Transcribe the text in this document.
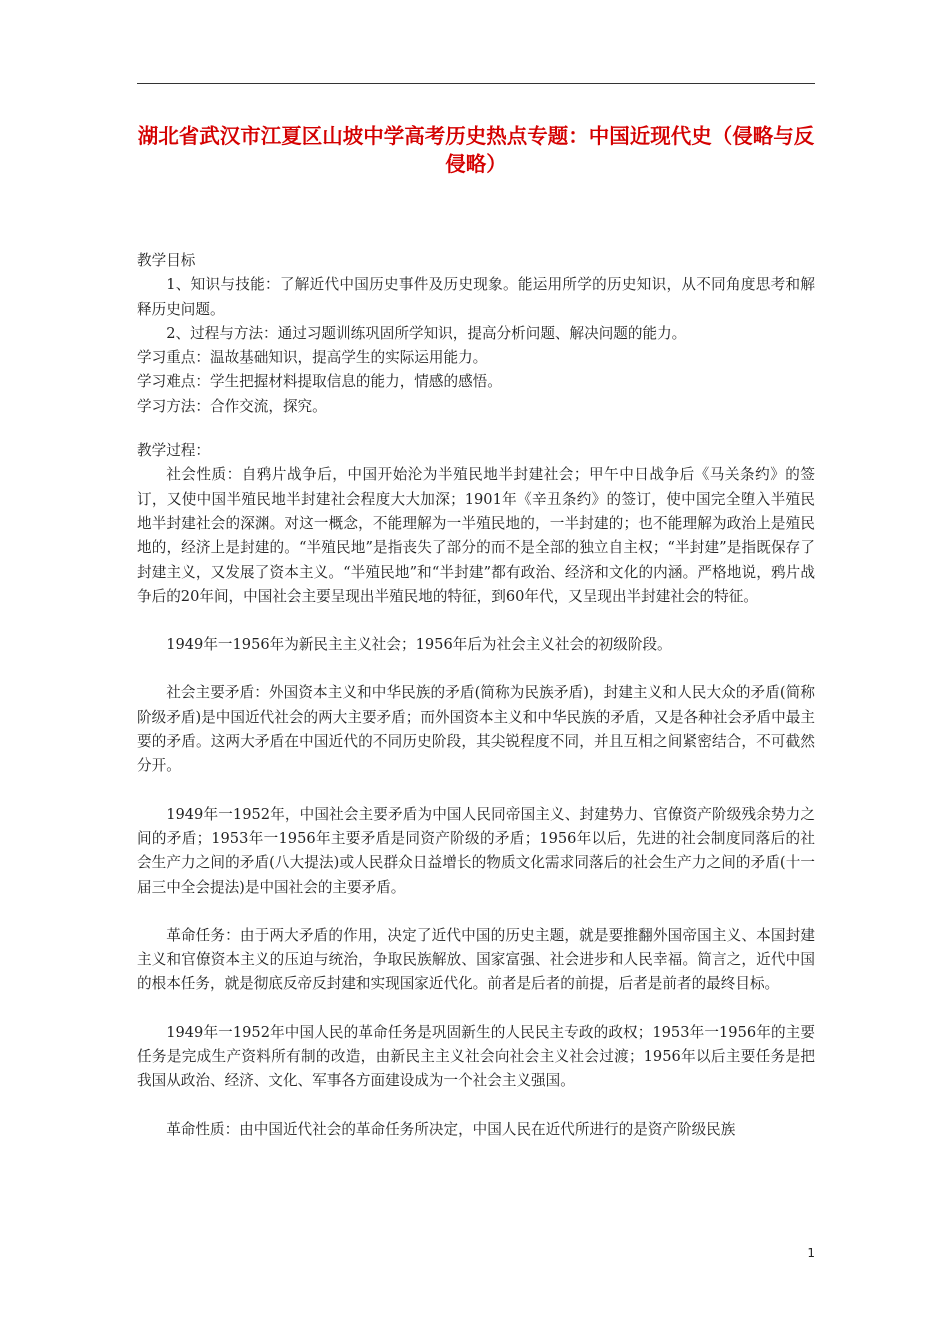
湖北省武汉市江夏区山坡中学高考历史热点专题：中国近现代史（侵略与反侵略）

教学目标

1、知识与技能：了解近代中国历史事件及历史现象。能运用所学的历史知识，从不同角度思考和解释历史问题。

2、过程与方法：通过习题训练巩固所学知识，提高分析问题、解决问题的能力。

学习重点：温故基础知识，提高学生的实际运用能力。

学习难点：学生把握材料提取信息的能力，情感的感悟。

学习方法：合作交流，探究。

教学过程：

社会性质：自鸦片战争后，中国开始沦为半殖民地半封建社会；甲午中日战争后《马关条约》的签订，又使中国半殖民地半封建社会程度大大加深；1901年《辛丑条约》的签订，使中国完全堕入半殖民地半封建社会的深渊。对这一概念，不能理解为一半殖民地的，一半封建的；也不能理解为政治上是殖民地的，经济上是封建的。“半殖民地”是指丧失了部分的而不是全部的独立自主权；“半封建”是指既保存了封建主义，又发展了资本主义。“半殖民地”和“半封建”都有政治、经济和文化的内涵。严格地说，鸦片战争后的20年间，中国社会主要呈现出半殖民地的特征，到60年代，又呈现出半封建社会的特征。

1949年一1956年为新民主主义社会；1956年后为社会主义社会的初级阶段。

社会主要矛盾：外国资本主义和中华民族的矛盾(简称为民族矛盾)，封建主义和人民大众的矛盾(简称阶级矛盾)是中国近代社会的两大主要矛盾；而外国资本主义和中华民族的矛盾，又是各种社会矛盾中最主要的矛盾。这两大矛盾在中国近代的不同历史阶段，其尖锐程度不同，并且互相之间紧密结合，不可截然分开。

1949年一1952年，中国社会主要矛盾为中国人民同帝国主义、封建势力、官僚资产阶级残余势力之间的矛盾；1953年一1956年主要矛盾是同资产阶级的矛盾；1956年以后，先进的社会制度同落后的社会生产力之间的矛盾(八大提法)或人民群众日益增长的物质文化需求同落后的社会生产力之间的矛盾(十一届三中全会提法)是中国社会的主要矛盾。

革命任务：由于两大矛盾的作用，决定了近代中国的历史主题，就是要推翻外国帝国主义、本国封建主义和官僚资本主义的压迫与统治，争取民族解放、国家富强、社会进步和人民幸福。简言之，近代中国的根本任务，就是彻底反帝反封建和实现国家近代化。前者是后者的前提，后者是前者的最终目标。

1949年一1952年中国人民的革命任务是巩固新生的人民民主专政的政权；1953年一1956年的主要任务是完成生产资料所有制的改造，由新民主主义社会向社会主义社会过渡；1956年以后主要任务是把我国从政治、经济、文化、军事各方面建设成为一个社会主义强国。

革命性质：由中国近代社会的革命任务所决定，中国人民在近代所进行的是资产阶级民族

1
